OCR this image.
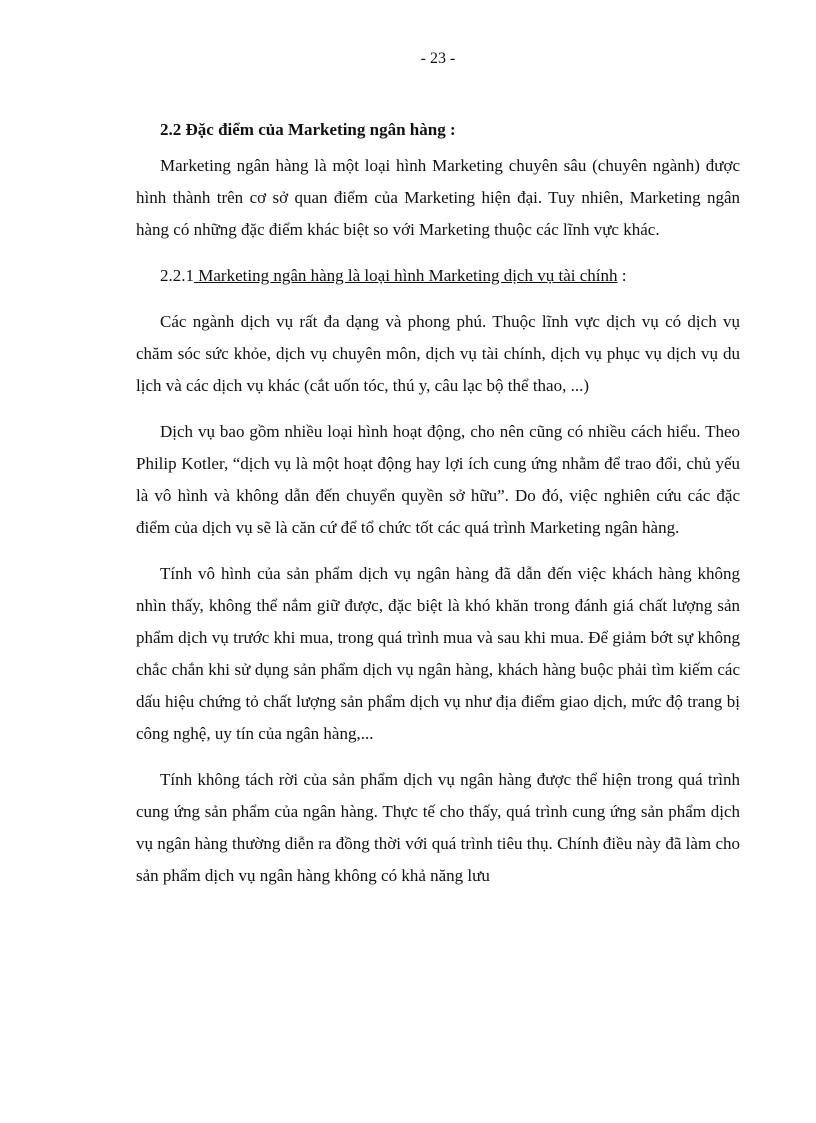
- 23 -
2.2 Đặc điểm của Marketing ngân hàng :

Marketing ngân hàng là một loại hình Marketing chuyên sâu (chuyên ngành) được hình thành trên cơ sở quan điểm của Marketing hiện đại. Tuy nhiên, Marketing ngân hàng có những đặc điểm khác biệt so với Marketing thuộc các lĩnh vực khác.

2.2.1 Marketing ngân hàng là loại hình Marketing dịch vụ tài chính :

Các ngành dịch vụ rất đa dạng và phong phú. Thuộc lĩnh vực dịch vụ có dịch vụ chăm sóc sức khỏe, dịch vụ chuyên môn, dịch vụ tài chính, dịch vụ phục vụ dịch vụ du lịch và các dịch vụ khác (cắt uốn tóc, thú y, câu lạc bộ thể thao, ...)

Dịch vụ bao gồm nhiều loại hình hoạt động, cho nên cũng có nhiều cách hiểu. Theo Philip Kotler, “dịch vụ là một hoạt động hay lợi ích cung ứng nhằm để trao đổi, chủ yếu là vô hình và không dẫn đến chuyển quyền sở hữu”. Do đó, việc nghiên cứu các đặc điểm của dịch vụ sẽ là căn cứ để tổ chức tốt các quá trình Marketing ngân hàng.

Tính vô hình của sản phẩm dịch vụ ngân hàng đã dẫn đến việc khách hàng không nhìn thấy, không thể nắm giữ được, đặc biệt là khó khăn trong đánh giá chất lượng sản phẩm dịch vụ trước khi mua, trong quá trình mua và sau khi mua. Để giảm bớt sự không chắc chắn khi sử dụng sản phẩm dịch vụ ngân hàng, khách hàng buộc phải tìm kiếm các dấu hiệu chứng tỏ chất lượng sản phẩm dịch vụ như địa điểm giao dịch, mức độ trang bị công nghệ, uy tín của ngân hàng,...

Tính không tách rời của sản phẩm dịch vụ ngân hàng được thể hiện trong quá trình cung ứng sản phẩm của ngân hàng. Thực tế cho thấy, quá trình cung ứng sản phẩm dịch vụ ngân hàng thường diễn ra đồng thời với quá trình tiêu thụ. Chính điều này đã làm cho sản phẩm dịch vụ ngân hàng không có khả năng lưu
